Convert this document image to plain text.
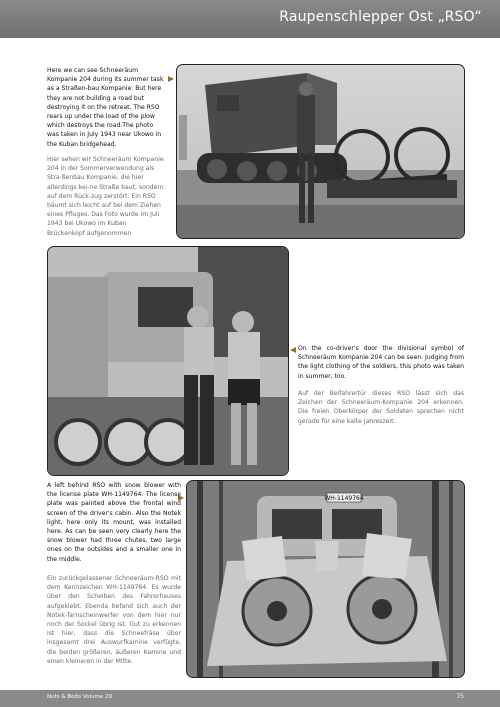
Raupenschlepper Ost „RSO“
Here we can see Schneeräum Kompanie 204 during its summer task as a Straßen-bau Kompanie. But here they are not building a road but destroying it on the retreat. The RSO rears up under the load of the plow which destroys the road.The photo was taken in July 1943 near Ukowo in the Kuban bridgehead.
Hier sehen wir Schneeräum Kompanie 204 in der Sommerverwendung als Stra-ßenbau Kompanie, die hier allerdings kei-ne Straße baut, sondern auf dem Rück-zug zerstört. Ein RSO bäumt sich leicht auf bei dem Ziehen eines Pfluges. Das Foto wurde im Juli 1943 bei Ukowo im Kuban Brückenkopf aufgenommen
On the co-driver's door the divisional symbol of Schneeräum Kompanie 204 can be seen. Judging from the light clothing of the soldiers, this photo was taken in summer, too.
Auf der Beifahrertür dieses RSO lässt sich das Zeichen der Schneeräum-Kompanie 204 erkennen. Die freien Oberkörper der Soldaten sprechen nicht gerade für eine kalte Jahreszeit.
WH-1149764
A left behind RSO with snow blower with the license plate WH-1149764. The license plate was painted above the frontal wind screen of the driver's cabin. Also the Notek light, here only its mount, was installed here. As can be seen very clearly here the snow blower had three chutes, two large ones on the outsides and a smaller one in the middle.
Ein zurückgelassener Schneeräum-RSO mit dem Kennzeichen WH-1149764. Es wurde über den Scheiben des Fahrerhauses aufgeklebt. Ebenda befand sich auch der Notek-Tarnscheinwerfer von dem hier nur noch der Sockel übrig ist. Gut zu erkennen ist hier, dass die Schneefräse über insgesamt drei Auswurfkamine verfügte, die beiden größeren, äußeren Kamine und einen kleineren in der Mitte.
Nuts & Bolts Volume 29	75
